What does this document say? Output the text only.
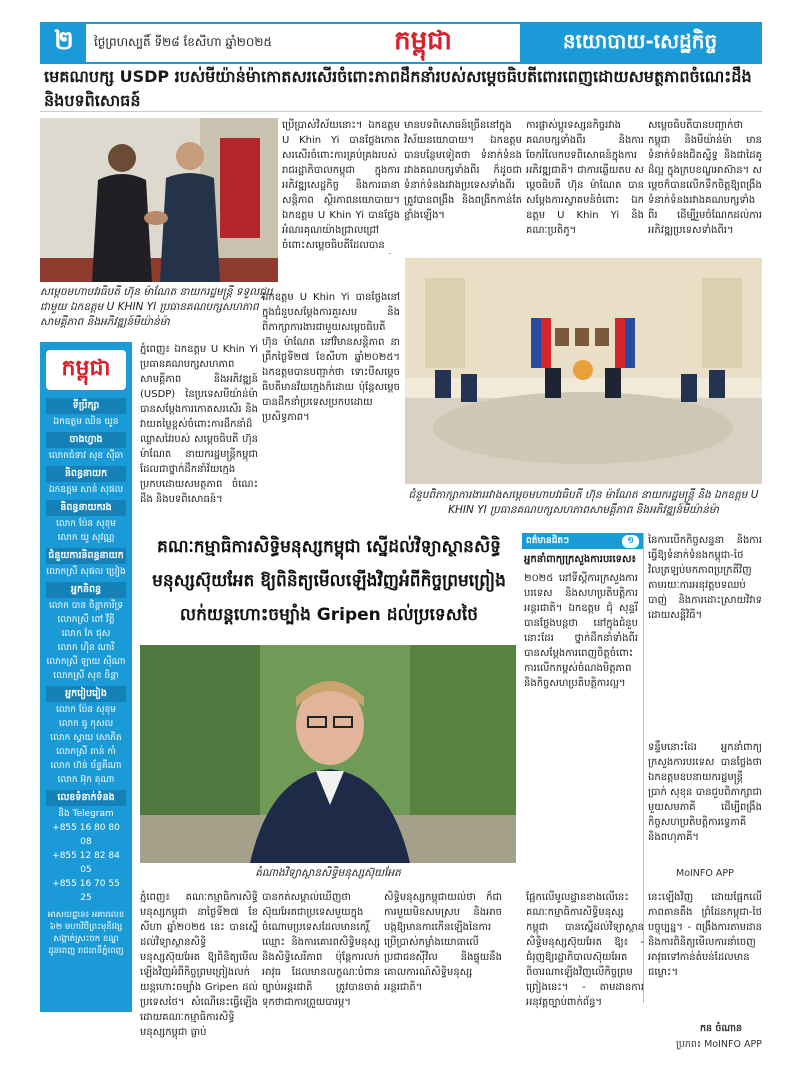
២	ថ្ងៃព្រហស្បតិ៍ ទី២៨ ខែសីហា ឆ្នាំ២០២៥	កម្ពុជា	នយោបាយ-សេដ្ឋកិច្ច
មេគណបក្ស USDP របស់មីយ៉ាន់ម៉ាកោតសរសើរចំពោះភាពដឹកនាំរបស់សម្ដេចធិបតីពោរពេញដោយសមត្ថភាពចំណេះដឹងនិងបទពិសោធន៍
សម្តេចមហាបវរធិបតី ហ៊ុន ម៉ាណែត នាយករដ្ឋមន្ត្រី ទទួលជួបជាមួយ ឯកឧត្តម U KHIN YI ប្រធានគណបក្សសហភាពសាមគ្គីភាព និងអភិវឌ្ឍន៍មីយ៉ាន់ម៉ា
ប្រើប្រាស់វិស័យនោះ។ ឯកឧត្តម U Khin Yi បានថ្លែងកោតសរសើរចំពោះការគ្រប់គ្រងរបស់រាជរដ្ឋាភិបាលកម្ពុជា ក្នុងការអភិវឌ្ឍសេដ្ឋកិច្ច និងការធានាសន្តិភាព ស្ថិរភាពនយោបាយ។ ឯកឧត្តម U Khin Yi បានថ្លែងអំណរគុណយ៉ាងជ្រាលជ្រៅចំពោះសម្តេចធិបតីដែលបាន
មានបទពិសោធន៍ច្រើននៅក្នុងវិស័យនយោបាយ។ ឯកឧត្តមបានបន្ថែមទៀតថា ទំនាក់ទំនងរវាងគណបក្សទាំងពីរ ក៏ដូចជាទំនាក់ទំនងរវាងប្រទេសទាំងពីរ ត្រូវបានពង្រឹង និងពង្រីកកាន់តែខ្លាំងឡើង។
ការផ្លាស់ប្តូរទស្សនកិច្ចរវាងគណបក្សទាំងពីរ និងការចែករំលែកបទពិសោធន៍ក្នុងការអភិវឌ្ឍជាតិ។ ជាការឆ្លើយតប សម្តេចធិបតី ហ៊ុន ម៉ាណែត បានសម្តែងការស្វាគមន៍ចំពោះ ឯកឧត្តម U Khin Yi និងគណៈប្រតិភូ។
សម្តេចធិបតីបានបញ្ជាក់ថា កម្ពុជា និងមីយ៉ាន់ម៉ា មានទំនាក់ទំនងជិតស្និទ្ធ និងជាដៃគូដ៏ល្អ ក្នុងក្របខណ្ឌអាស៊ាន។ សម្តេចក៏បានលើកទឹកចិត្តឱ្យពង្រឹងទំនាក់ទំនងរវាងគណបក្សទាំងពីរ ដើម្បីរួមចំណែកដល់ការអភិវឌ្ឍប្រទេសទាំងពីរ។
ជំនួបពិភាក្សាការងាររវាងសម្តេចមហាបវរធិបតី ហ៊ុន ម៉ាណែត នាយករដ្ឋមន្ត្រី និង ឯកឧត្តម U KHIN YI ប្រធានគណបក្សសហភាពសាមគ្គីភាព និងអភិវឌ្ឍន៍មីយ៉ាន់ម៉ា
កម្ពុជា
ទីប្រឹក្សា
ឯកឧត្តម ឈិន យូន
ចាងហ្វាង
លោកជំទាវ សុខ ស៊ីឆា
និពន្ធនាយក
ឯកឧត្តម សាន់ សុផល
និពន្ធនាយករង
លោក ប៉ែន សុខុម
លោក យូ សុវណ្ណ
ជំនួយការនិពន្ធនាយក
លោកស្រី សុផល ប្រៀង
អ្នកនិពន្ធ
លោក បាន ចិន្តាការីទ្រ
លោកស្រី ពៅ វីត្តី
លោក កែ ជុស
លោក ហ៊ិន ណារី
លោកស្រី ឡាយ ស៊ីណា
លោកស្រី សុខ ចិន្តា
អ្នករៀបរៀង
លោក ប៉ែន សុខុម
លោក ធូ កុសល
លោក ស្វាយ សោភិត
លោកស្រី តាន់ កាំ
លោក ហ៊ន់ ច័ន្ទគីណា
លោក អ៊ុក គុណា
លេខទំនាក់ទំនង
និង Telegram
+855 16 80 80 08
+855 12 82 84 05
+855 16 70 55 25
អាសយដ្ឋាន៖ អគារលេខ ៦២ មហាវិថីព្រះមុនីវង្ស សង្កាត់ស្រះចក ខណ្ឌដូនពេញ រាជធានីភ្នំពេញ
ភ្នំពេញ៖ ឯកឧត្តម U Khin Yi ប្រធានគណបក្សសហភាពសាមគ្គីភាព និងអភិវឌ្ឍន៍ (USDP) នៃប្រទេសមីយ៉ាន់ម៉ា បានសម្តែងការកោតសរសើរ និងវាយតម្លៃខ្ពស់ចំពោះការដឹកនាំដ៏ឈ្លាសវៃរបស់ សម្តេចធិបតី ហ៊ុន ម៉ាណែត នាយករដ្ឋមន្ត្រីកម្ពុជា ដែលជាថ្នាក់ដឹកនាំវ័យក្មេងប្រកបដោយសមត្ថភាព ចំណេះដឹង និងបទពិសោធន៍។
ឯកឧត្តម U Khin Yi បានថ្លែងនៅក្នុងជំនួបសម្តែងការគួរសម និងពិភាក្សាការងារជាមួយសម្តេចធិបតី ហ៊ុន ម៉ាណែត នៅវិមានសន្តិភាព នាព្រឹកថ្ងៃទី២៧ ខែសីហា ឆ្នាំ២០២៥។ ឯកឧត្តមបានបញ្ជាក់ថា ទោះបីសម្តេចធិបតីមានវ័យក្មេងក៏ដោយ ប៉ុន្តែសម្តេចបានដឹកនាំប្រទេសប្រកបដោយប្រសិទ្ធភាព។
នៃការបើកកិច្ចសន្ទនា និងការធ្វើឱ្យទំនាក់ទំនងកម្ពុជា-ថៃ វិលត្រឡប់មកភាពប្រក្រតីវិញ តាមរយៈការអនុវត្តបទឈប់បាញ់ និងការដោះស្រាយវិវាទដោយសន្តិវិធី។
ទន្ទឹមនោះដែរ អ្នកនាំពាក្យក្រសួងការបរទេស បានថ្លែងថា ឯកឧត្តមឧបនាយករដ្ឋមន្ត្រី ប្រាក់ សុខុន បានជួបពិភាក្សាជាមួយសមភាគី ដើម្បីពង្រឹងកិច្ចសហប្រតិបត្តិការទ្វេភាគី និងពហុភាគី។
គណៈកម្មាធិការសិទ្ធិមនុស្សកម្ពុជា ស្នើដល់វិទ្យាស្ថានសិទ្ធិមនុស្សស៊ុយអែត ឱ្យពិនិត្យមើលឡើងវិញអំពីកិច្ចព្រមព្រៀងលក់យន្តហោះចម្បាំង Gripen ដល់ប្រទេសថៃ
គំណាងវិទ្យាស្ថានសិទ្ធិមនុស្សស៊ុយអែត
ពត៌មានជិតៗ	១
អ្នកនាំពាក្យក្រសួងការបរទេស៖
២០២៥ នៅទីស្តីការក្រសួងការបរទេស និងសហប្រតិបត្តិការអន្តរជាតិ។ ឯកឧត្តម ជុំ សុន្ទរី បានថ្លែងបន្តថា នៅក្នុងជំនួបនោះដែរ ថ្នាក់ដឹកនាំទាំងពីរ បានសម្តែងការពេញចិត្តចំពោះការលើកកម្ពស់ចំណងមិត្តភាព និងកិច្ចសហប្រតិបត្តិការល្អ។
MoINFO APP
ភ្នំពេញ៖ គណៈកម្មាធិការសិទ្ធិមនុស្សកម្ពុជា នាថ្ងៃទី២៧ ខែសីហា ឆ្នាំ២០២៥ នេះ បានស្នើដល់វិទ្យាស្ថានសិទ្ធិមនុស្សស៊ុយអែត ឱ្យពិនិត្យមើលឡើងវិញអំពីកិច្ចព្រមព្រៀងលក់យន្តហោះចម្បាំង Gripen ដល់ប្រទេសថៃ។ សំណើនេះធ្វើឡើងដោយគណៈកម្មាធិការសិទ្ធិមនុស្សកម្ពុជា ធ្លាប់
បានកត់សម្គាល់ឃើញថា ស៊ុយអែតជាប្រទេសមួយក្នុងចំណោមប្រទេសដែលមានកេរ្តិ៍ឈ្មោះ និងការគោរពសិទ្ធិមនុស្ស និងសិទ្ធិសេរីភាព ប៉ុន្តែការលក់អាវុធ ដែលមានលក្ខណៈបំពានច្បាប់អន្តរជាតិ ត្រូវបានចាត់ទុកថាជាការព្រួយបារម្ភ។
សិទ្ធិមនុស្សកម្ពុជាយល់ថា ក៏ជាការមួយមិនសមស្រប និងអាចបង្កឱ្យមានការកើនឡើងនៃការប្រើប្រាស់កម្លាំងយោធាលើប្រជាជនស៊ីវិល និងផ្ទុយនឹងគោលការណ៍សិទ្ធិមនុស្សអន្តរជាតិ។
ផ្អែកលើមូលដ្ឋានខាងលើនេះ គណៈកម្មាធិការសិទ្ធិមនុស្សកម្ពុជា បានស្នើដល់វិទ្យាស្ថានសិទ្ធិមនុស្សស៊ុយអែត ឱ្យ៖ - ជំរុញឱ្យរដ្ឋាភិបាលស៊ុយអែតពិចារណាឡើងវិញលើកិច្ចព្រមព្រៀងនេះ។ - តាមដានការអនុវត្តច្បាប់ពាក់ព័ន្ធ។
នេះឡើងវិញ ដោយផ្អែកលើភាពតានតឹង ព្រំដែនកម្ពុជា-ថៃ បច្ចុប្បន្ន។ - ពង្រឹងការតាមដាន និងការពិនិត្យមើលការនាំចេញអាវុធទៅកាន់តំបន់ដែលមានជម្លោះ។
កន ចំណាន
ប្រភព៖ MoINFO APP
